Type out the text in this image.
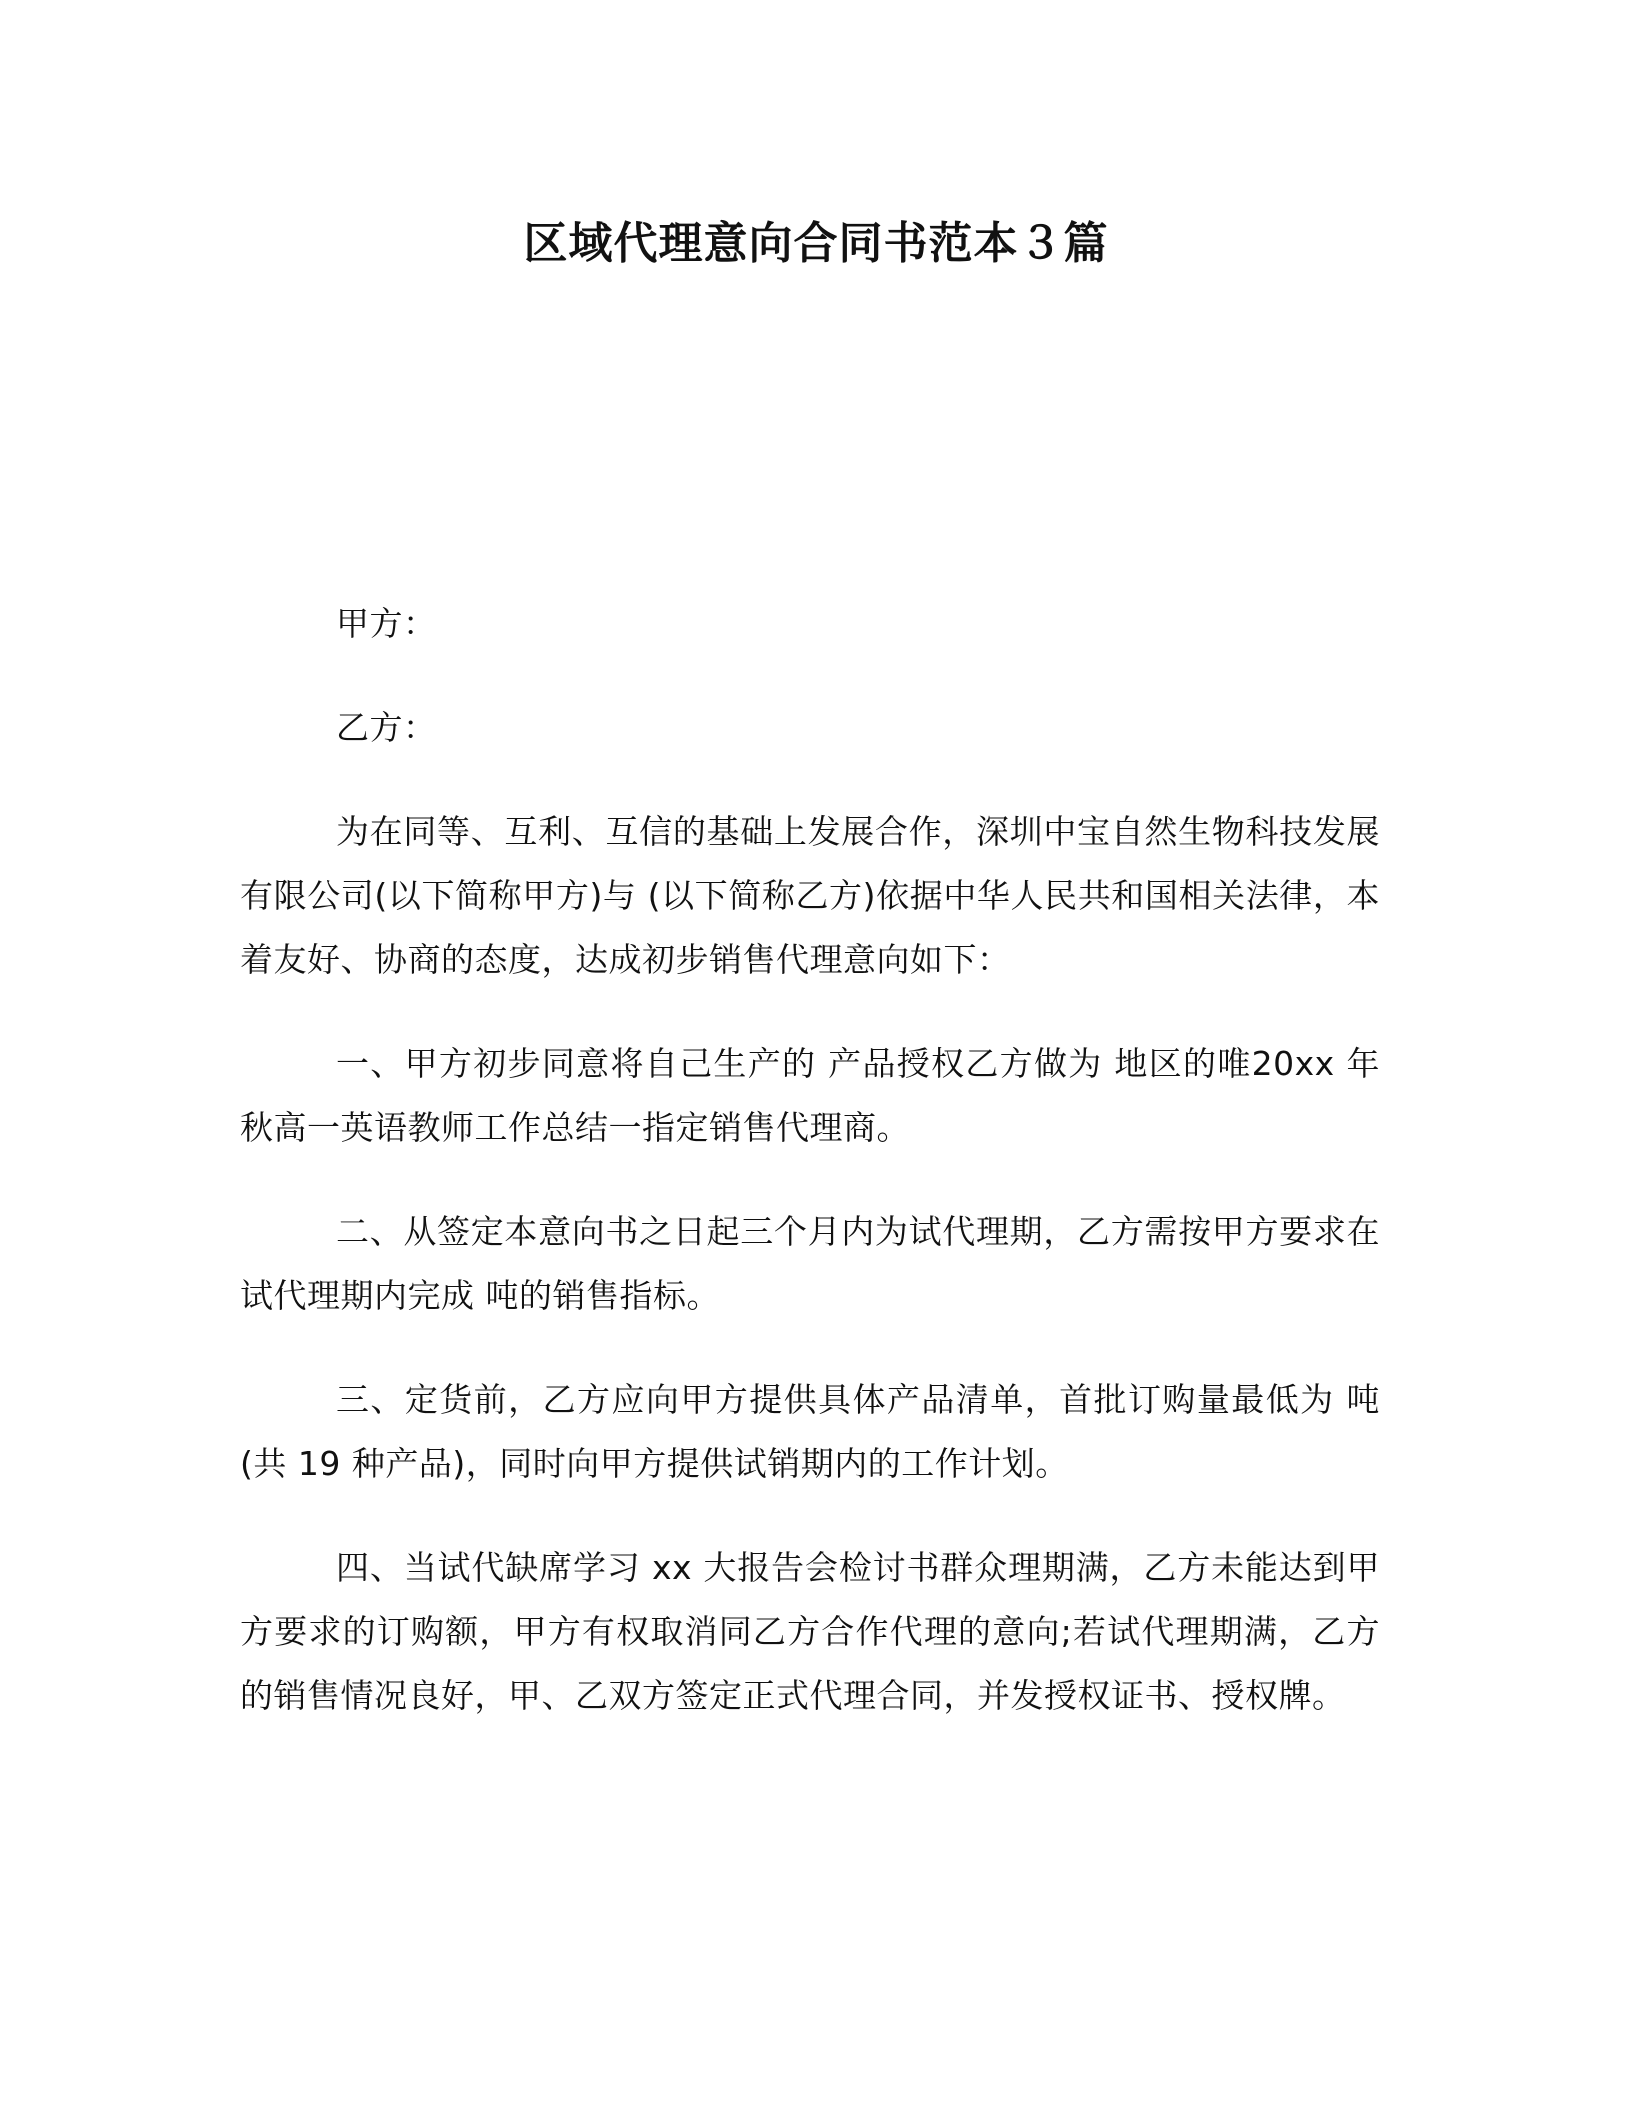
区域代理意向合同书范本３篇

甲方：

乙方：

为在同等、互利、互信的基础上发展合作，深圳中宝自然生物科技发展有限公司(以下简称甲方)与 (以下简称乙方)依据中华人民共和国相关法律，本着友好、协商的态度，达成初步销售代理意向如下：

一、甲方初步同意将自己生产的 产品授权乙方做为 地区的唯20xx 年秋高一英语教师工作总结一指定销售代理商。

二、从签定本意向书之日起三个月内为试代理期，乙方需按甲方要求在试代理期内完成 吨的销售指标。

三、定货前，乙方应向甲方提供具体产品清单，首批订购量最低为 吨(共 19 种产品)，同时向甲方提供试销期内的工作计划。

四、当试代缺席学习 xx 大报告会检讨书群众理期满，乙方未能达到甲方要求的订购额，甲方有权取消同乙方合作代理的意向;若试代理期满，乙方的销售情况良好，甲、乙双方签定正式代理合同，并发授权证书、授权牌。
